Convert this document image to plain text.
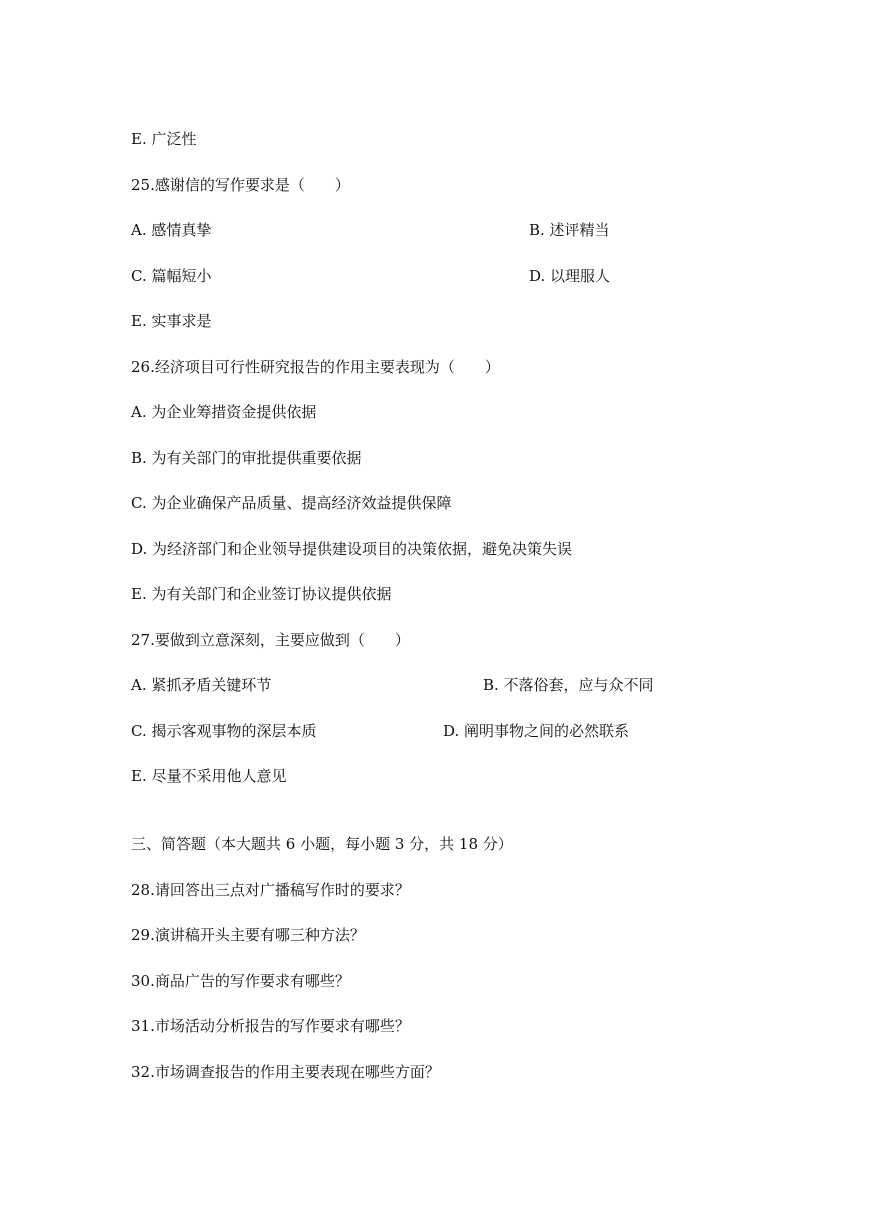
E. 广泛性
25.感谢信的写作要求是（　　）
A. 感情真挚	B. 述评精当
C. 篇幅短小	D. 以理服人
E. 实事求是
26.经济项目可行性研究报告的作用主要表现为（　　）
A. 为企业筹措资金提供依据
B. 为有关部门的审批提供重要依据
C. 为企业确保产品质量、提高经济效益提供保障
D. 为经济部门和企业领导提供建设项目的决策依据，避免决策失误
E. 为有关部门和企业签订协议提供依据
27.要做到立意深刻，主要应做到（　　）
A. 紧抓矛盾关键环节	B. 不落俗套，应与众不同
C. 揭示客观事物的深层本质	D. 阐明事物之间的必然联系
E. 尽量不采用他人意见
三、简答题（本大题共 6 小题，每小题 3 分，共 18 分）
28.请回答出三点对广播稿写作时的要求？
29.演讲稿开头主要有哪三种方法？
30.商品广告的写作要求有哪些？
31.市场活动分析报告的写作要求有哪些？
32.市场调查报告的作用主要表现在哪些方面？
